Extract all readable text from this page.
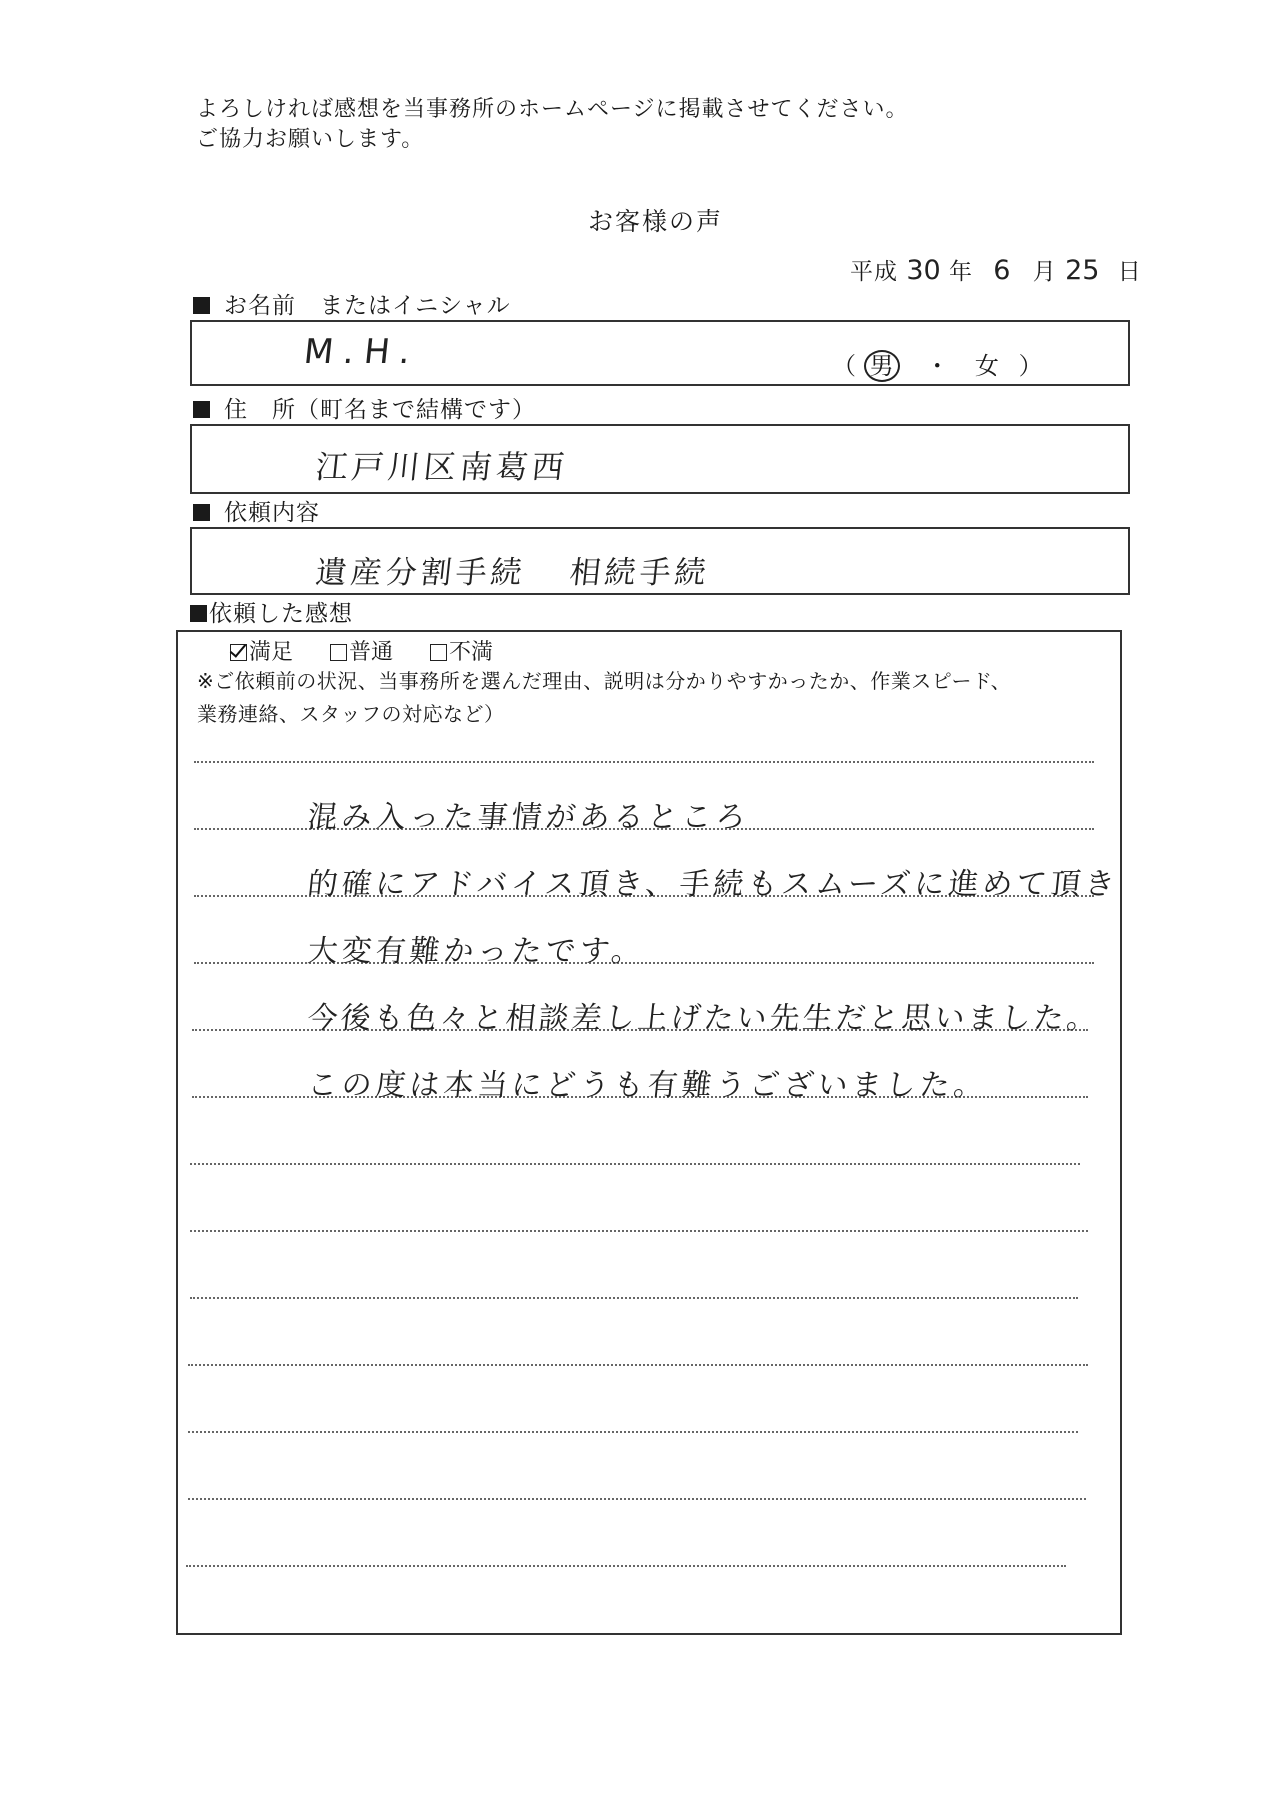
よろしければ感想を当事務所のホームページに掲載させてください。
ご協力お願いします。
お客様の声
平成 30 年 6 月 25 日
お名前　またはイニシャル
M.H.	（ 男 ・ 女 ）
住　所（町名まで結構です）
江戸川区南葛西
依頼内容
遺産分割手続 相続手続
依頼した感想
満足	普通	不満
※ご依頼前の状況、当事務所を選んだ理由、説明は分かりやすかったか、作業スピード、
業務連絡、スタッフの対応など）
混み入った事情があるところ
的確にアドバイス頂き、手続もスムーズに進めて頂き
大変有難かったです。
今後も色々と相談差し上げたい先生だと思いました。
この度は本当にどうも有難うございました。
